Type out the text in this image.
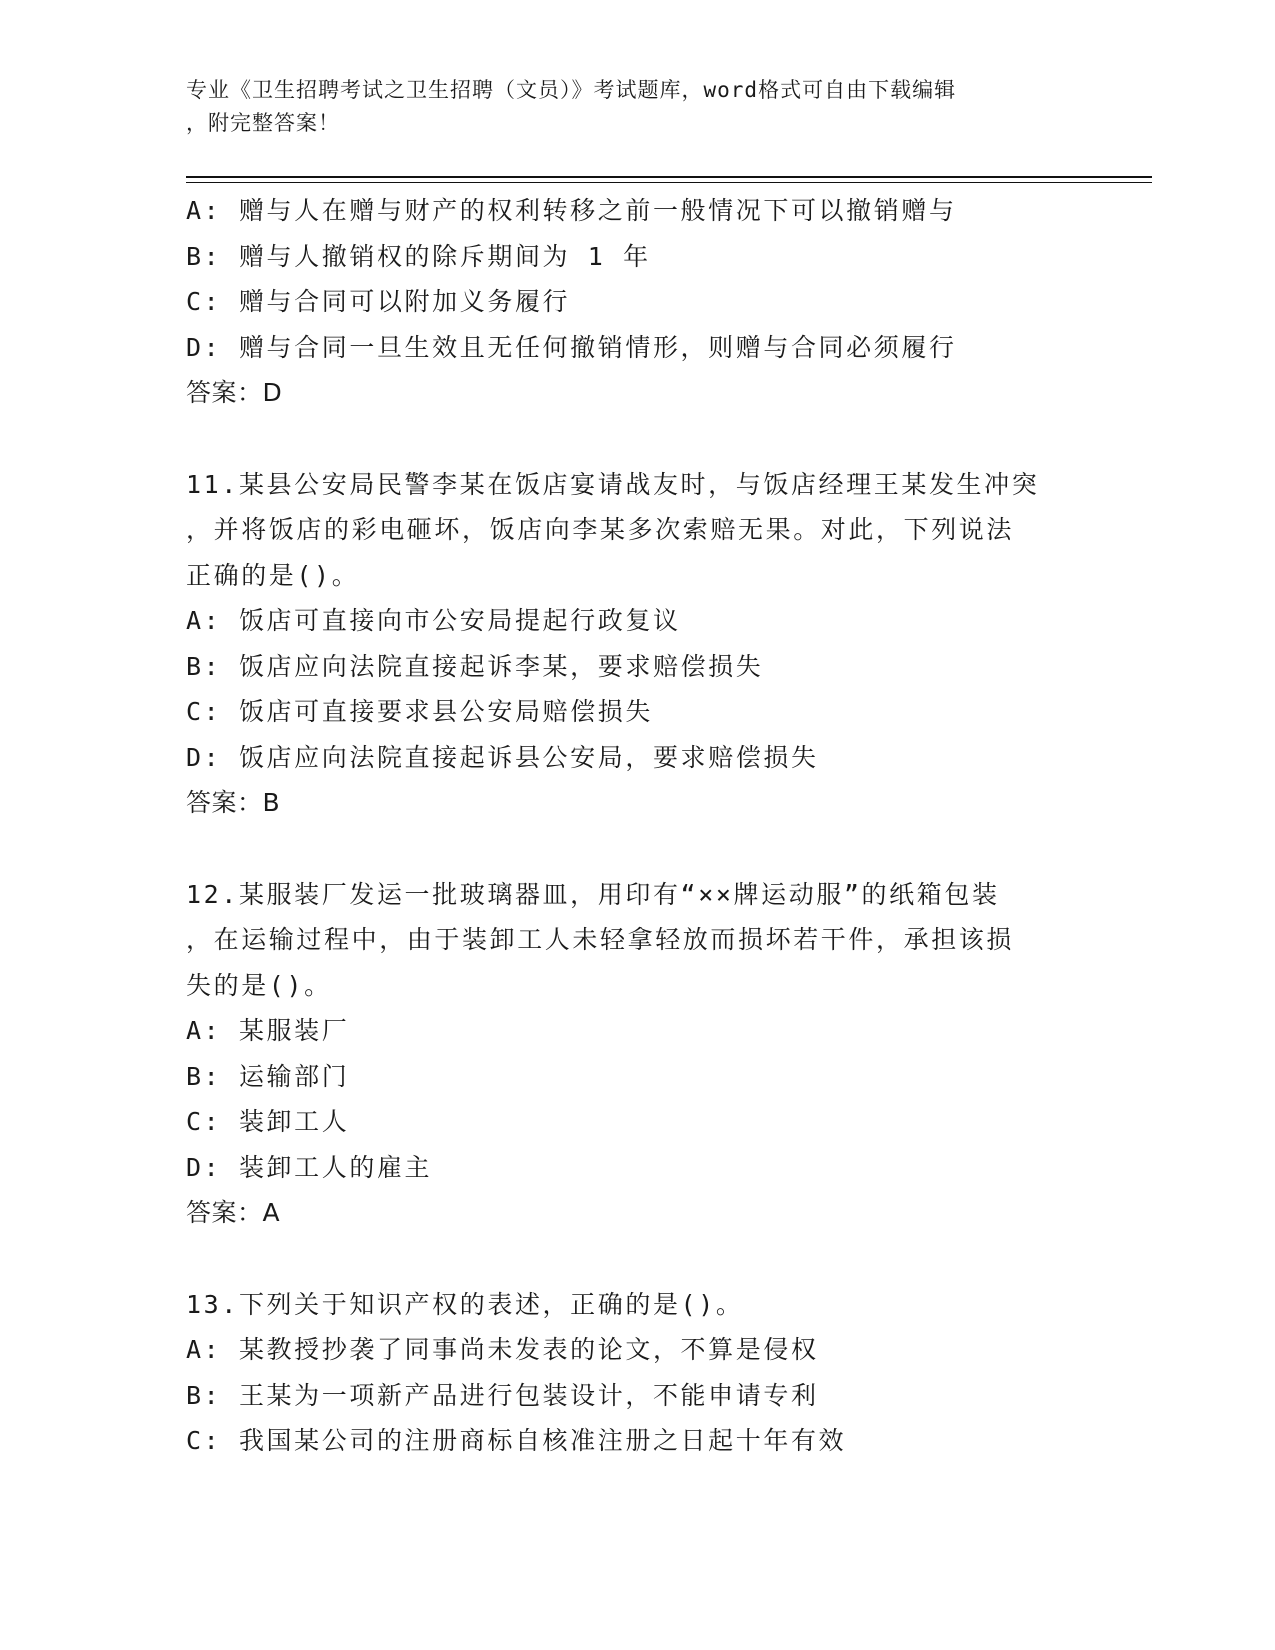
专业《卫生招聘考试之卫生招聘（文员）》考试题库，word格式可自由下载编辑
，附完整答案！
A: 赠与人在赠与财产的权利转移之前一般情况下可以撤销赠与
B: 赠与人撤销权的除斥期间为 1 年
C: 赠与合同可以附加义务履行
D: 赠与合同一旦生效且无任何撤销情形，则赠与合同必须履行
答案：D
11.某县公安局民警李某在饭店宴请战友时，与饭店经理王某发生冲突
，并将饭店的彩电砸坏，饭店向李某多次索赔无果。对此，下列说法
正确的是()。
A: 饭店可直接向市公安局提起行政复议
B: 饭店应向法院直接起诉李某，要求赔偿损失
C: 饭店可直接要求县公安局赔偿损失
D: 饭店应向法院直接起诉县公安局，要求赔偿损失
答案：B
12.某服装厂发运一批玻璃器皿，用印有“××牌运动服”的纸箱包装
，在运输过程中，由于装卸工人未轻拿轻放而损坏若干件，承担该损
失的是()。
A: 某服装厂
B: 运输部门
C: 装卸工人
D: 装卸工人的雇主
答案：A
13.下列关于知识产权的表述，正确的是()。
A: 某教授抄袭了同事尚未发表的论文，不算是侵权
B: 王某为一项新产品进行包装设计，不能申请专利
C: 我国某公司的注册商标自核准注册之日起十年有效
